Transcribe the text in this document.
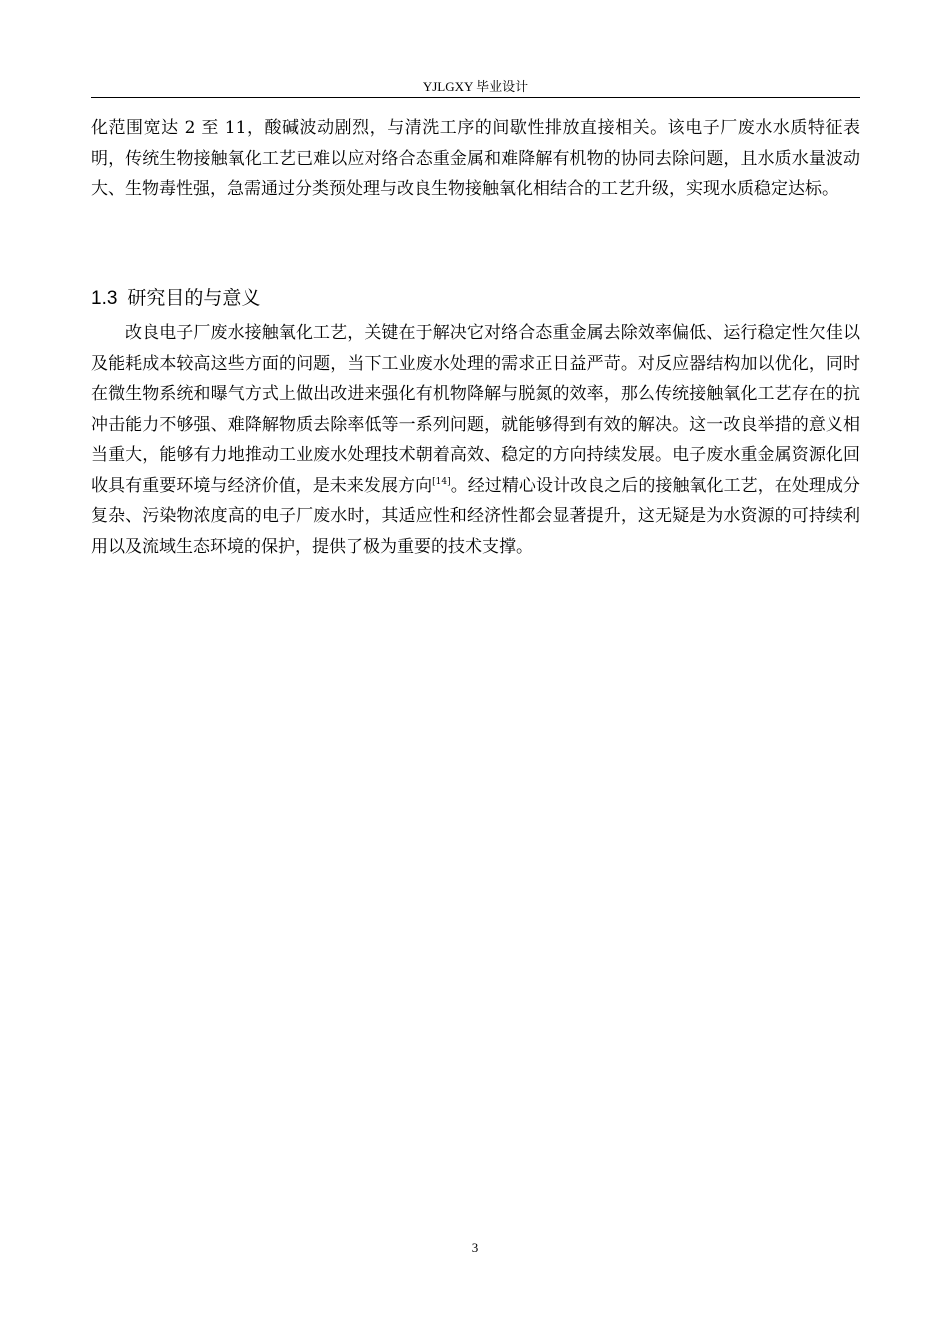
YJLGXY 毕业设计

化范围宽达 2 至 11，酸碱波动剧烈，与清洗工序的间歇性排放直接相关。该电子厂废水水质特征表明，传统生物接触氧化工艺已难以应对络合态重金属和难降解有机物的协同去除问题，且水质水量波动大、生物毒性强，急需通过分类预处理与改良生物接触氧化相结合的工艺升级，实现水质稳定达标。

1.3 研究目的与意义

改良电子厂废水接触氧化工艺，关键在于解决它对络合态重金属去除效率偏低、运行稳定性欠佳以及能耗成本较高这些方面的问题，当下工业废水处理的需求正日益严苛。对反应器结构加以优化，同时在微生物系统和曝气方式上做出改进来强化有机物降解与脱氮的效率，那么传统接触氧化工艺存在的抗冲击能力不够强、难降解物质去除率低等一系列问题，就能够得到有效的解决。这一改良举措的意义相当重大，能够有力地推动工业废水处理技术朝着高效、稳定的方向持续发展。电子废水重金属资源化回收具有重要环境与经济价值，是未来发展方向[14]。经过精心设计改良之后的接触氧化工艺，在处理成分复杂、污染物浓度高的电子厂废水时，其适应性和经济性都会显著提升，这无疑是为水资源的可持续利用以及流域生态环境的保护，提供了极为重要的技术支撑。

3
